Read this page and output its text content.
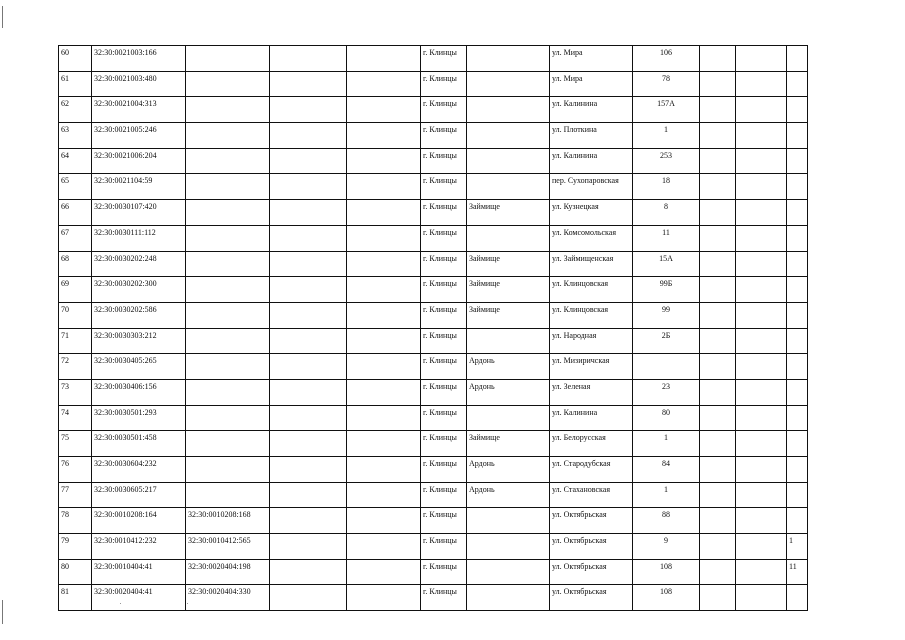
60	32:30:0021003:166				г. Клинцы		ул. Мира	106			
61	32:30:0021003:480				г. Клинцы		ул. Мира	78			
62	32:30:0021004:313				г. Клинцы		ул. Калинина	157А			
63	32:30:0021005:246				г. Клинцы		ул. Плоткина	1			
64	32:30:0021006:204				г. Клинцы		ул. Калинина	253			
65	32:30:0021104:59				г. Клинцы		пер. Сухопаровская	18			
66	32:30:0030107:420				г. Клинцы	Займище	ул. Кузнецкая	8			
67	32:30:0030111:112				г. Клинцы		ул. Комсомольская	11			
68	32:30:0030202:248				г. Клинцы	Займище	ул. Займищенская	15А			
69	32:30:0030202:300				г. Клинцы	Займище	ул. Клинцовская	99Б			
70	32:30:0030202:586				г. Клинцы	Займище	ул. Клинцовская	99			
71	32:30:0030303:212				г. Клинцы		ул. Народная	2Б			
72	32:30:0030405:265				г. Клинцы	Ардонь	ул. Мизиричская				
73	32:30:0030406:156				г. Клинцы	Ардонь	ул. Зеленая	23			
74	32:30:0030501:293				г. Клинцы		ул. Калинина	80			
75	32:30:0030501:458				г. Клинцы	Займище	ул. Белорусская	1			
76	32:30:0030604:232				г. Клинцы	Ардонь	ул. Стародубская	84			
77	32:30:0030605:217				г. Клинцы	Ардонь	ул. Стахановская	1			
78	32:30:0010208:164	32:30:0010208:168			г. Клинцы		ул. Октябрьская	88			
79	32:30:0010412:232	32:30:0010412:565			г. Клинцы		ул. Октябрьская	9			1
80	32:30:0010404:41	32:30:0020404:198			г. Клинцы		ул. Октябрьская	108			11
81	32:30:0020404:41	32:30:0020404:330			г. Клинцы		ул. Октябрьская	108			
